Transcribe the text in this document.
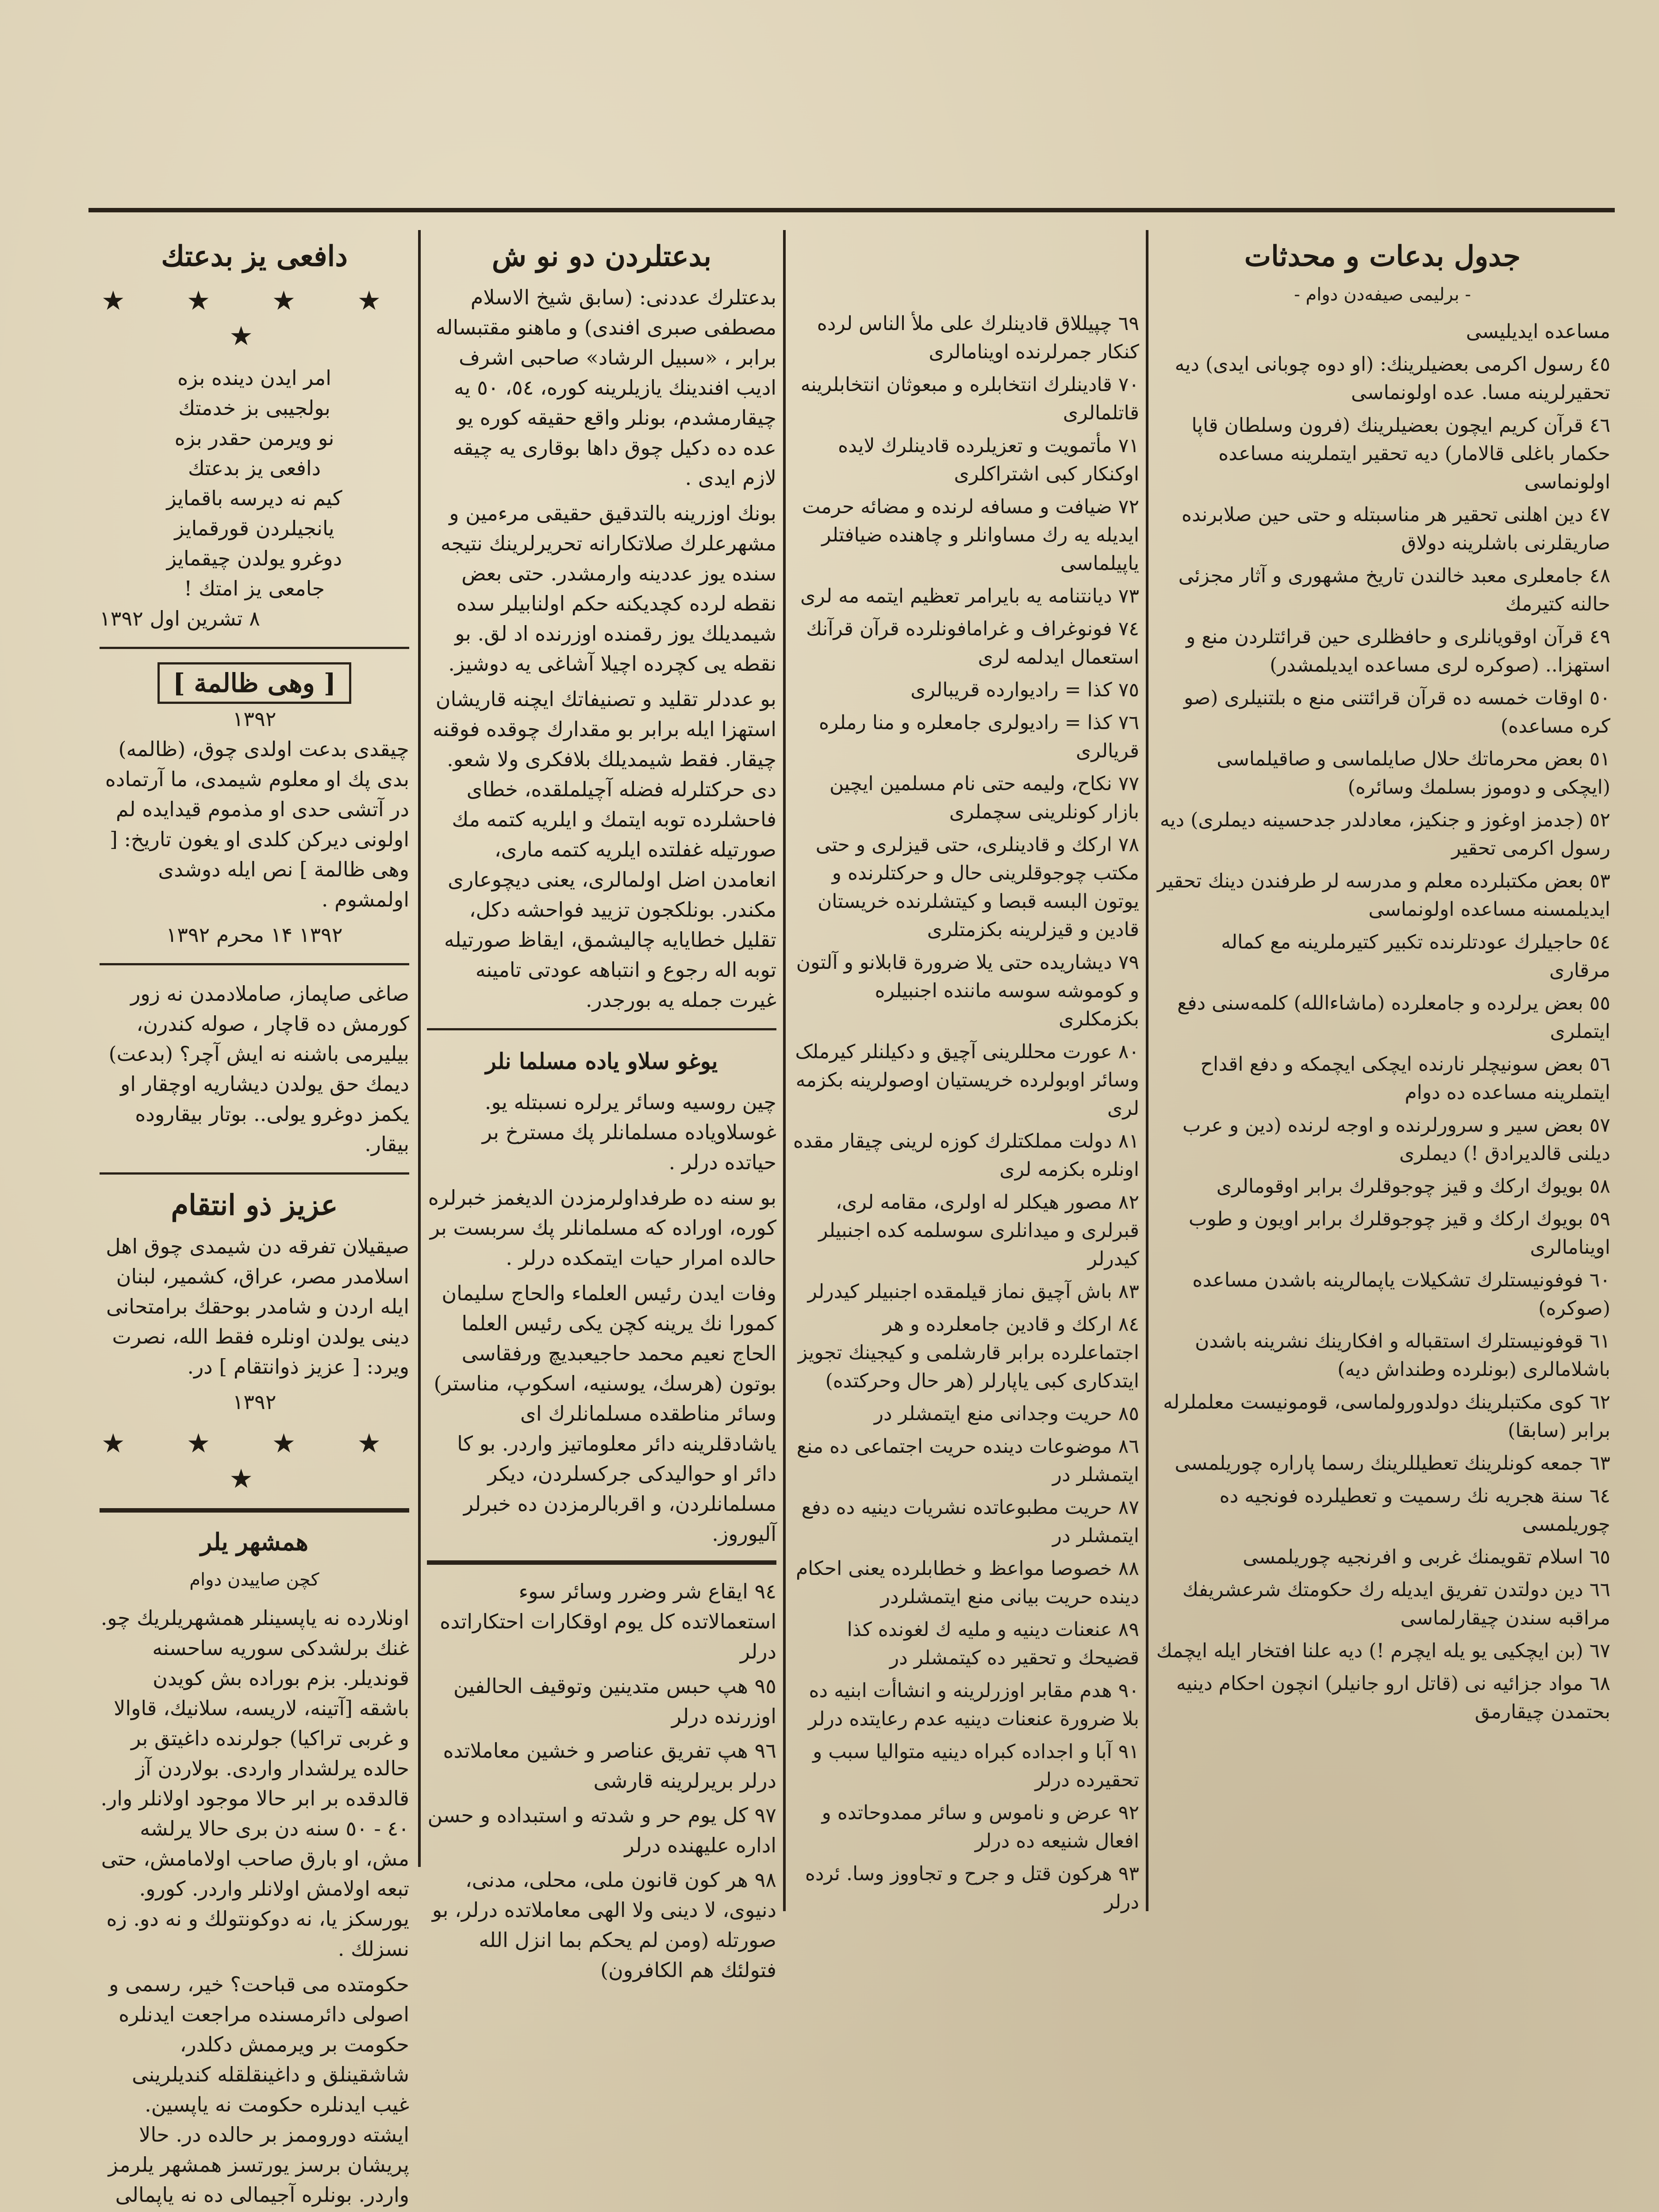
دافعی یز بدعتك
★ ★ ★ ★ ★
امر ایدن دینده بزه
بولجیبی بز خدمتك
نو ویرمن حقدر بزه
دافعی یز بدعتك
کیم نه دیرسه باقمایز
یانجیلردن قورقمایز
دوغرو یولدن چیقمایز
جامعی یز امتك !
۸ تشرین اول ۱۳۹۲
[ وهی ظالمة ]
۱۳۹۲

چیقدی بدعت اولدی چوق، (ظالمه) بدی پك او معلوم شیمدی، ما آرتماده در آتشی حدی او مذموم قیدایده لم اولونی دیرکن کلدی او یغون تاریخ: [ وهی ظالمة ] نص ایله دوشدی اولمشوم .

۱۳۹۲ ۱۴ محرم ۱۳۹۲

صاغی صاپماز، صاملادمدن نه زور کورمش ده قاچار ، صوله کندرن، بیلیرمی باشنه نه ایش آچر؟ (بدعت) دیمك حق یولدن دیشاریه اوچقار او یکمز دوغرو یولی.. بوتار بیقاروده بیقار.

عزیز ذو انتقام

صیقیلان تفرقه دن شیمدی چوق اهل اسلامدر مصر، عراق، کشمیر، لبنان ایله اردن و شامدر بوحقك برامتحانی دینی یولدن اونلره فقط الله، نصرت ویرد: [ عزیز ذوانتقام ] در.

۱۳۹۲
★ ★ ★ ★ ★
همشهر یلر
کچن صاییدن دوام

اونلارده نه یاپسینلر همشهریلریك چو. غنك برلشدکی سوریه ساحسنه قوندیلر. بزم بوراده بش کویدن باشقه [آتینه، لاریسه، سلانیك، قاوالا و غربی تراکیا) جولرنده داغیتق بر حالده یرلشدار واردی. بولاردن آز قالدقده بر ابر حالا موجود اولانلر وار. ٤٠ - ٥٠ سنه دن بری حالا یرلشه مش، او بارق صاحب اولامامش، حتی تبعه اولامش اولانلر واردر. کورو. یورسکز یا، نه دوکونتولك و نه دو. زه نسزلك .

حکومتده می قباحت؟ خیر، رسمی و اصولی دائرمسنده مراجعت ایدنلره حکومت بر ویرممش دکلدر، شاشقینلق و داغینقلقله کندیلرینی غیب ایدنلره حکومت نه یاپسین. ایشته دوروممز بر حالده در. حالا پریشان برسز یورتسز همشهر یلرمز واردر. بونلره آجیمالی ده نه یاپمالی

بدعتلردن دو نو ش

بدعتلرك عددنی: (سابق شیخ الاسلام مصطفی صبری افندی) و ماهنو مقتبساله برابر ، «سبیل الرشاد» صاحبی اشرف ادیب افندینك یازیلرینه کوره، ٥٤، ٥٠ یه چیقارمشدم، بونلر واقع حقیقه کوره یو عده ده دکیل چوق داها بوقاری یه چیقه لازم ایدی .

بونك اوزرینه بالتدقیق حقیقی مرءمین و مشهرعلرك صلاتکارانه تحریرلرینك نتیجه سنده یوز عددینه وارمشدر. حتی بعض نقطه لرده کچدیکنه حکم اولنابیلر سده شیمدیلك یوز رقمنده اوزرنده اد لق. بو نقطه یی کچرده اچیلا آشاغی یه دوشیز.

بو عددلر تقلید و تصنیفاتك ایچنه قاریشان استهزا ایله برابر بو مقدارك چوقده فوقنه چیقار. فقط شیمدیلك بلافکری ولا شعو. دی حرکتلرله فضله آچیلملقده، خطای فاحشلرده توبه ایتمك و ایلریه کتمه مك صورتیله غفلتده ایلریه کتمه ماری، انعامدن اضل اولمالری، یعنی دیچوعاری مکندر. بونلکجون تزیید فواحشه دکل، تقلیل خطایایه چالیشمق، ایقاظ صورتیله توبه اله رجوع و انتباهه عودتی تامینه غیرت جمله یه بورجدر.

یوغو سلاو یاده مسلما نلر

چین روسیه وسائر یرلره نسبتله یو. غوسلاویاده مسلمانلر پك مسترخ بر حیاتده درلر .

بو سنه ده طرفداولرمزدن الدیغمز خبرلره کوره، اوراده که مسلمانلر پك سربست بر حالده امرار حیات ایتمکده درلر .

وفات ایدن رئیس العلماء والحاج سلیمان کمورا نك یرینه کچن یکی رئیس العلما الحاج نعیم محمد حاجیعبدیچ ورفقاسی بوتون (هرسك، یوسنیه، اسکوپ، مناستر) وسائر مناطقده مسلمانلرك ای یاشادقلرینه دائر معلوماتیز واردر. بو کا دائر او حوالیدکی جرکسلردن، دیکر مسلمانلردن، و اقربالرمزدن ده خبرلر آلیوروز.

٩٤ ایقاع شر وضرر وسائر سوء استعمالاتده کل یوم اوقکارات احتکاراتده درلر
٩٥ هپ حبس متدینین وتوقیف الحالفین اوزرنده درلر
٩٦ هپ تفریق عناصر و خشین معاملاتده درلر بریرلرینه قارشی
٩٧ کل یوم حر و شدته و استبداده و حسن اداره علیهنده درلر
٩٨ هر کون قانون ملی، محلی، مدنی، دنیوی، لا دینی ولا الهی معاملاتده درلر، بو صورتله (ومن لم یحکم بما انزل الله فتولئك هم الکافرون)
٦٩ چپیللاق قادینلرك علی ملأ الناس لرده کنکار جمرلرنده اوینامالری
٧٠ قادینلرك انتخابلره و مبعوثان انتخابلرینه قاتلمالری
٧١ مأتمویت و تعزیلرده قادینلرك لایده اوکنکار کبی اشتراکلری
٧٢ ضیافت و مسافه لرنده و مضائه حرمت ایدیله یه رك مساوانلر و چاهنده ضیافتلر یاپیلماسی
٧٣ دیانتنامه یه بایرامر تعظیم ایتمه مه لری
٧٤ فونوغراف و غرامافونلرده قرآن قرآنك استعمال ایدلمه لری
٧٥ کذا = رادیوارده قریبالری
٧٦ کذا = رادیولری جامعلره و منا رملره قریالری
٧٧ نکاح، ولیمه حتی نام مسلمین ایچین بازار کونلرینی سچملری
٧٨ ارکك و قادینلری، حتی قیزلری و حتی مکتب چوجوقلرینی حال و حرکتلرنده و یوتون البسه قبصا و کیتشلرنده خریستان قادین و قیزلرینه بکزمتلری
٧٩ دیشاریده حتی یلا ضرورة قابلانو و آلتون و کوموشه سوسه ماننده اجنبیلره بکزمکلری
٨٠ عورت محللرینی آچیق و دکیلنلر کیرملک وسائر اوبولرده خریستیان اوصولرینه بکزمه لری
٨١ دولت مملکتلرك کوزه لرینی چیقار مقده اونلره بکزمه لری
٨٢ مصور هیکلر له اولری، مقامه لری، قبرلری و میدانلری سوسلمه کده اجنبیلر کیدرلر
٨٣ باش آچیق نماز قیلمقده اجنبیلر کیدرلر
٨٤ ارکك و قادین جامعلرده و هر اجتماعلرده برابر قارشلمی و کیجینك تجویز ایتدکاری کبی یاپارلر (هر حال وحرکتده)
٨٥ حریت وجدانی منع ایتمشلر در
٨٦ موضوعات دینده حریت اجتماعی ده منع ایتمشلر در
٨٧ حریت مطبوعاتده نشریات دینیه ده دفع ایتمشلر در
٨٨ خصوصا مواعظ و خطابلرده یعنی احکام دینده حریت بیانی منع ایتمشلردر
٨٩ عنعنات دینیه و ملیه ك لغونده کذا قضیحك و تحقیر ده کیتمشلر در
٩٠ هدم مقابر اوزرلرینه و انشاأت ابنیه ده بلا ضرورة عنعنات دینیه عدم رعایتده درلر
٩١ آبا و اجداده کبراه دینیه متوالیا سبب و تحقیرده درلر
٩٢ عرض و ناموس و سائر ممدوحاتده و افعال شنیعه ده درلر
٩٣ هرکون قتل و جرح و تجاووز وسا. ئرده درلر
جدول بدعات و محدثات
- برلیمی صیفه‌دن دوام -
مساعده ایدیلیسی
٤٥ رسول اکرمی بعضیلرینك: (او دوه چوبانی ایدی) دیه تحقیرلرینه مسا. عده اولونماسی
٤٦ قرآن کریم ایچون بعضیلرینك (فرون وسلطان قاپا حکمار باغلی قالامار) دیه تحقیر ایتملرینه مساعده اولونماسی
٤٧ دین اهلنی تحقیر هر مناسبتله و حتی حین صلابرنده صاریقلرنی باشلرینه دولاق
٤٨ جامعلری معبد خالندن تاریخ مشهوری و آثار مجزئی حالنه کتیرمك
٤٩ قرآن اوقویانلری و حافظلری حین قرائتلردن منع و استهزا.. (صوکره لری مساعده ایدیلمشدر)
٥٠ اوقات خمسه ده قرآن قرائتنی منع ه بلتنیلری (صو کره مساعده)
٥١ بعض محرماتك حلال صایلماسی و صاقیلماسی (ایچکی و دوموز بسلمك وسائره)
٥٢ (جدمز اوغوز و جنکیز، معادلدر جدحسینه دیملری) دیه رسول اکرمی تحقیر
٥٣ بعض مکتبلرده معلم و مدرسه لر طرفندن دینك تحقیر ایدیلمسنه مساعده اولونماسی
٥٤ حاجیلرك عودتلرنده تکبیر کتیرملرینه مع کماله مرقاری
٥٥ بعض یرلرده و جامعلرده (ماشاءالله) کلمه‌سنی دفع ایتملری
٥٦ بعض سونیچلر نارنده ایچکی ایچمکه و دفع اقداح ایتملرینه مساعده ده دوام
٥٧ بعض سیر و سرورلرنده و اوجه لرنده (دین و عرب دیلنی قالدیرادق !) دیملری
٥٨ بویوك ارکك و قیز چوجوقلرك برابر اوقومالری
٥٩ بویوك ارکك و قیز چوجوقلرك برابر اویون و طوب اوینامالری
٦٠ فوفونیستلرك تشکیلات یاپمالرینه باشدن مساعده (صوکره)
٦١ قوفونیستلرك استقباله و افکارینك نشرینه باشدن باشلامالری (بونلرده وطنداش دیه)
٦٢ کوی مکتبلرینك دولدورولماسی، قومونیست معلملرله برابر (سابقا)
٦٣ جمعه کونلرینك تعطیللرینك رسما پاراره چوریلمسی
٦٤ سنة هجریه نك رسمیت و تعطیلرده فونجیه ده چوریلمسی
٦٥ اسلام تقویمنك غربی و افرنجیه چوریلمسی
٦٦ دین دولتدن تفریق ایدیله رك حکومتك شرعشریفك مراقبه سندن چیقارلماسی
٦٧ (بن ایچکیی یو یله ایچرم !) دیه علنا افتخار ایله ایچمك
٦٨ مواد جزائیه نی (قاتل ارو جانیلر) انچون احکام دینیه بحتمدن چیقارمق
